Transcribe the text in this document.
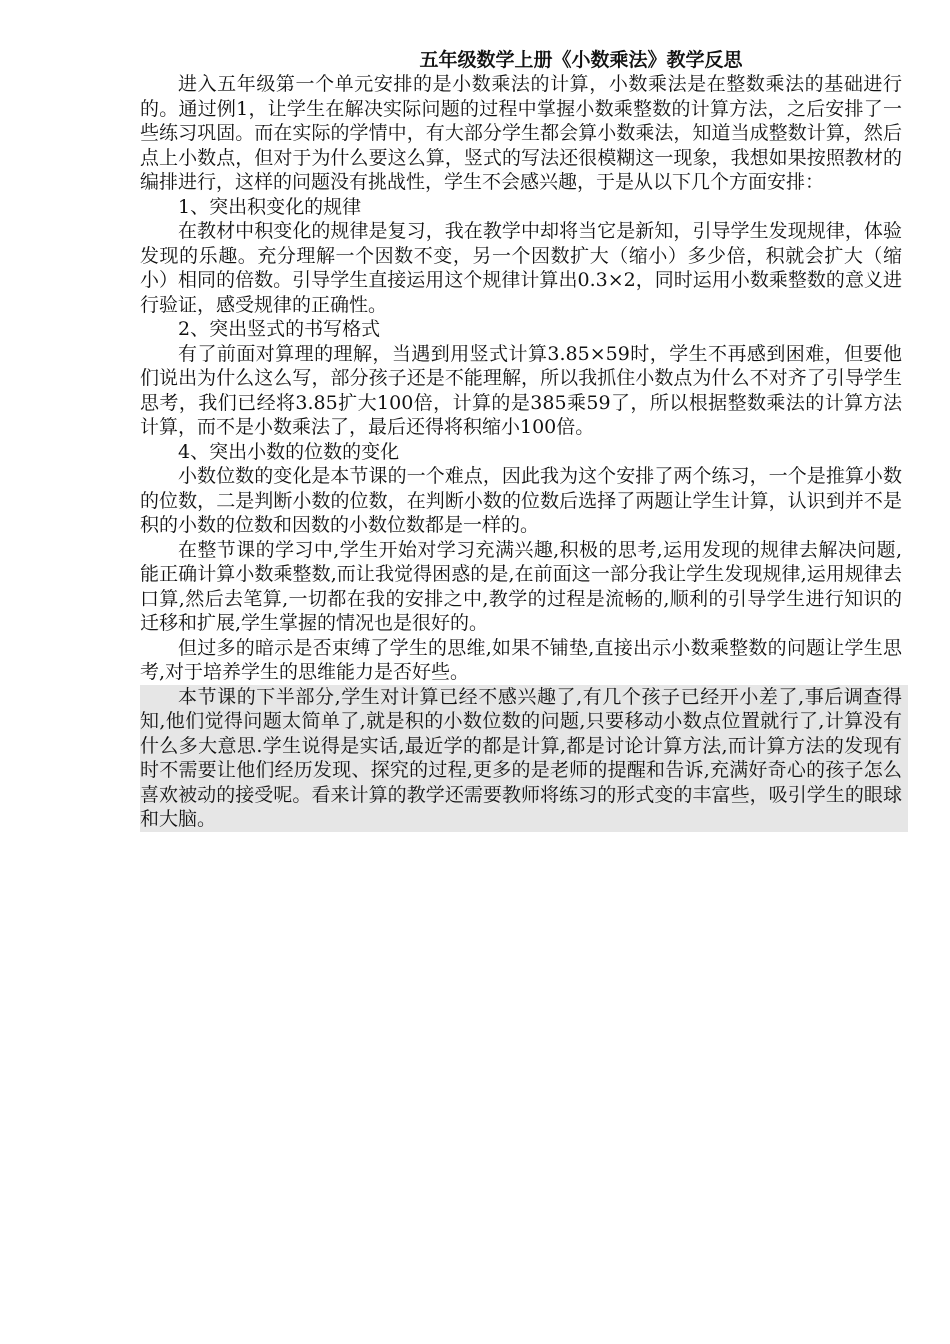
五年级数学上册《小数乘法》教学反思

进入五年级第一个单元安排的是小数乘法的计算，小数乘法是在整数乘法的基础进行的。通过例1，让学生在解决实际问题的过程中掌握小数乘整数的计算方法，之后安排了一些练习巩固。而在实际的学情中，有大部分学生都会算小数乘法，知道当成整数计算，然后点上小数点，但对于为什么要这么算，竖式的写法还很模糊这一现象，我想如果按照教材的编排进行，这样的问题没有挑战性，学生不会感兴趣，于是从以下几个方面安排：

1、突出积变化的规律

在教材中积变化的规律是复习，我在教学中却将当它是新知，引导学生发现规律，体验发现的乐趣。充分理解一个因数不变，另一个因数扩大（缩小）多少倍，积就会扩大（缩小）相同的倍数。引导学生直接运用这个规律计算出0.3×2，同时运用小数乘整数的意义进行验证，感受规律的正确性。

2、突出竖式的书写格式

有了前面对算理的理解，当遇到用竖式计算3.85×59时，学生不再感到困难，但要他们说出为什么这么写，部分孩子还是不能理解，所以我抓住小数点为什么不对齐了引导学生思考，我们已经将3.85扩大100倍，计算的是385乘59了，所以根据整数乘法的计算方法计算，而不是小数乘法了，最后还得将积缩小100倍。

4、突出小数的位数的变化

小数位数的变化是本节课的一个难点，因此我为这个安排了两个练习，一个是推算小数的位数，二是判断小数的位数，在判断小数的位数后选择了两题让学生计算，认识到并不是积的小数的位数和因数的小数位数都是一样的。

在整节课的学习中,学生开始对学习充满兴趣,积极的思考,运用发现的规律去解决问题,能正确计算小数乘整数,而让我觉得困惑的是,在前面这一部分我让学生发现规律,运用规律去口算,然后去笔算,一切都在我的安排之中,教学的过程是流畅的,顺利的引导学生进行知识的迁移和扩展,学生掌握的情况也是很好的。

但过多的暗示是否束缚了学生的思维,如果不铺垫,直接出示小数乘整数的问题让学生思考,对于培养学生的思维能力是否好些。

本节课的下半部分,学生对计算已经不感兴趣了,有几个孩子已经开小差了,事后调查得知,他们觉得问题太简单了,就是积的小数位数的问题,只要移动小数点位置就行了,计算没有什么多大意思.学生说得是实话,最近学的都是计算,都是讨论计算方法,而计算方法的发现有时不需要让他们经历发现、探究的过程,更多的是老师的提醒和告诉,充满好奇心的孩子怎么喜欢被动的接受呢。看来计算的教学还需要教师将练习的形式变的丰富些，吸引学生的眼球和大脑。
